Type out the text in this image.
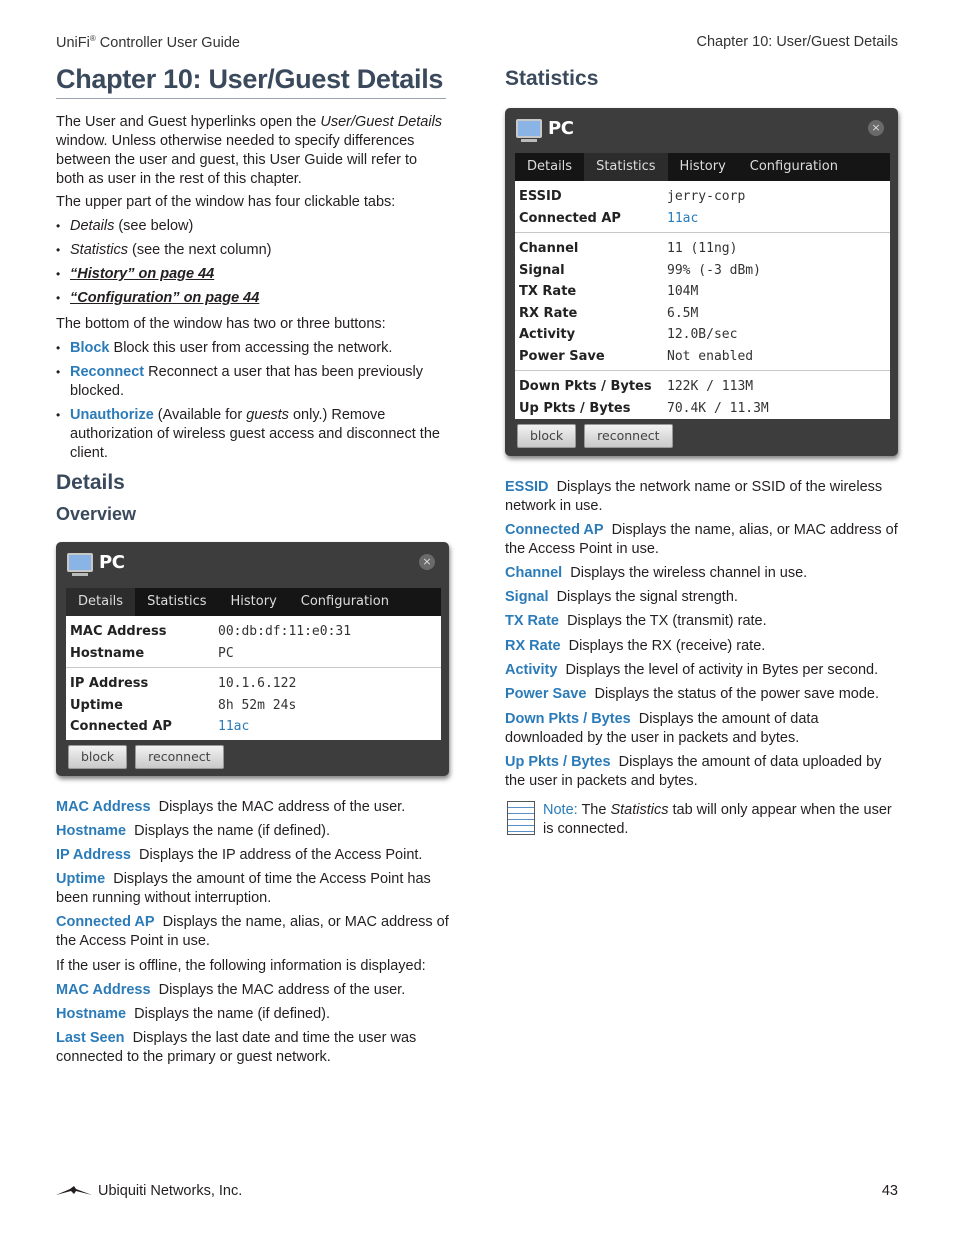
UniFi® Controller User Guide	Chapter 10: User/Guest Details
Chapter 10: User/Guest Details

The User and Guest hyperlinks open the User/Guest Details window. Unless otherwise needed to specify differences between the user and guest, this User Guide will refer to both as user in the rest of this chapter.

The upper part of the window has four clickable tabs:

• Details (see below)
• Statistics (see the next column)
• “History” on page 44
• “Configuration” on page 44

The bottom of the window has two or three buttons:

• Block Block this user from accessing the network.
• Reconnect Reconnect a user that has been previously blocked.
• Unauthorize (Available for guests only.) Remove authorization of wireless guest access and disconnect the client.
Details
Overview
PC	×
Details	Statistics	History	Configuration
MAC Address	00:db:df:11:e0:31
Hostname	PC
IP Address	10.1.6.122
Uptime	8h 52m 24s
Connected AP	11ac
block	reconnect

MAC Address Displays the MAC address of the user.

Hostname Displays the name (if defined).

IP Address Displays the IP address of the Access Point.

Uptime Displays the amount of time the Access Point has been running without interruption.

Connected AP Displays the name, alias, or MAC address of the Access Point in use.

If the user is offline, the following information is displayed:

MAC Address Displays the MAC address of the user.

Hostname Displays the name (if defined).

Last Seen Displays the last date and time the user was connected to the primary or guest network.

Statistics
PC	×
Details	Statistics	History	Configuration
ESSID	jerry-corp
Connected AP	11ac
Channel	11 (11ng)
Signal	99% (-3 dBm)
TX Rate	104M
RX Rate	6.5M
Activity	12.0B/sec
Power Save	Not enabled
Down Pkts / Bytes	122K / 113M
Up Pkts / Bytes	70.4K / 11.3M
block	reconnect

ESSID Displays the network name or SSID of the wireless network in use.

Connected AP Displays the name, alias, or MAC address of the Access Point in use.

Channel Displays the wireless channel in use.

Signal Displays the signal strength.

TX Rate Displays the TX (transmit) rate.

RX Rate Displays the RX (receive) rate.

Activity Displays the level of activity in Bytes per second.

Power Save Displays the status of the power save mode.

Down Pkts / Bytes Displays the amount of data downloaded by the user in packets and bytes.

Up Pkts / Bytes Displays the amount of data uploaded by the user in packets and bytes.

Note: The Statistics tab will only appear when the user is connected.

Ubiquiti Networks, Inc.	43
